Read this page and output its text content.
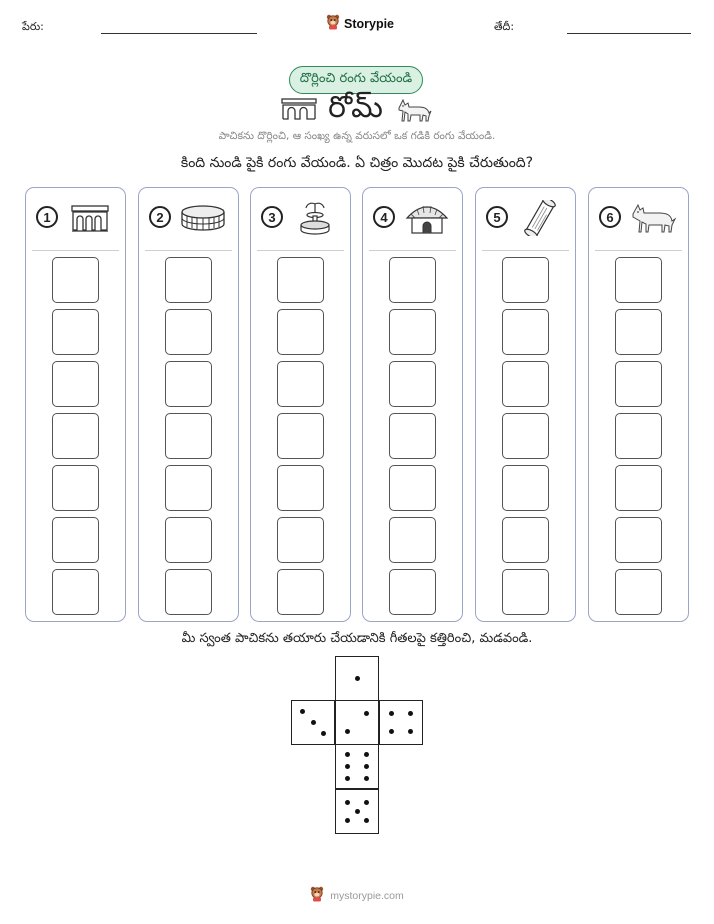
పేరు:	Storypie	తేదీ:
దొర్లించి రంగు వేయండి
రోమ్
పాచికను దొర్లించి, ఆ సంఖ్య ఉన్న వరుసలో ఒక గడికి రంగు వేయండి.
కింది నుండి పైకి రంగు వేయండి. ఏ చిత్రం మొదట పైకి చేరుతుంది?
1	2	3	4	5	6
మీ స్వంత పాచికను తయారు చేయడానికి గీతలపై కత్తిరించి, మడవండి.
mystorypie.com
